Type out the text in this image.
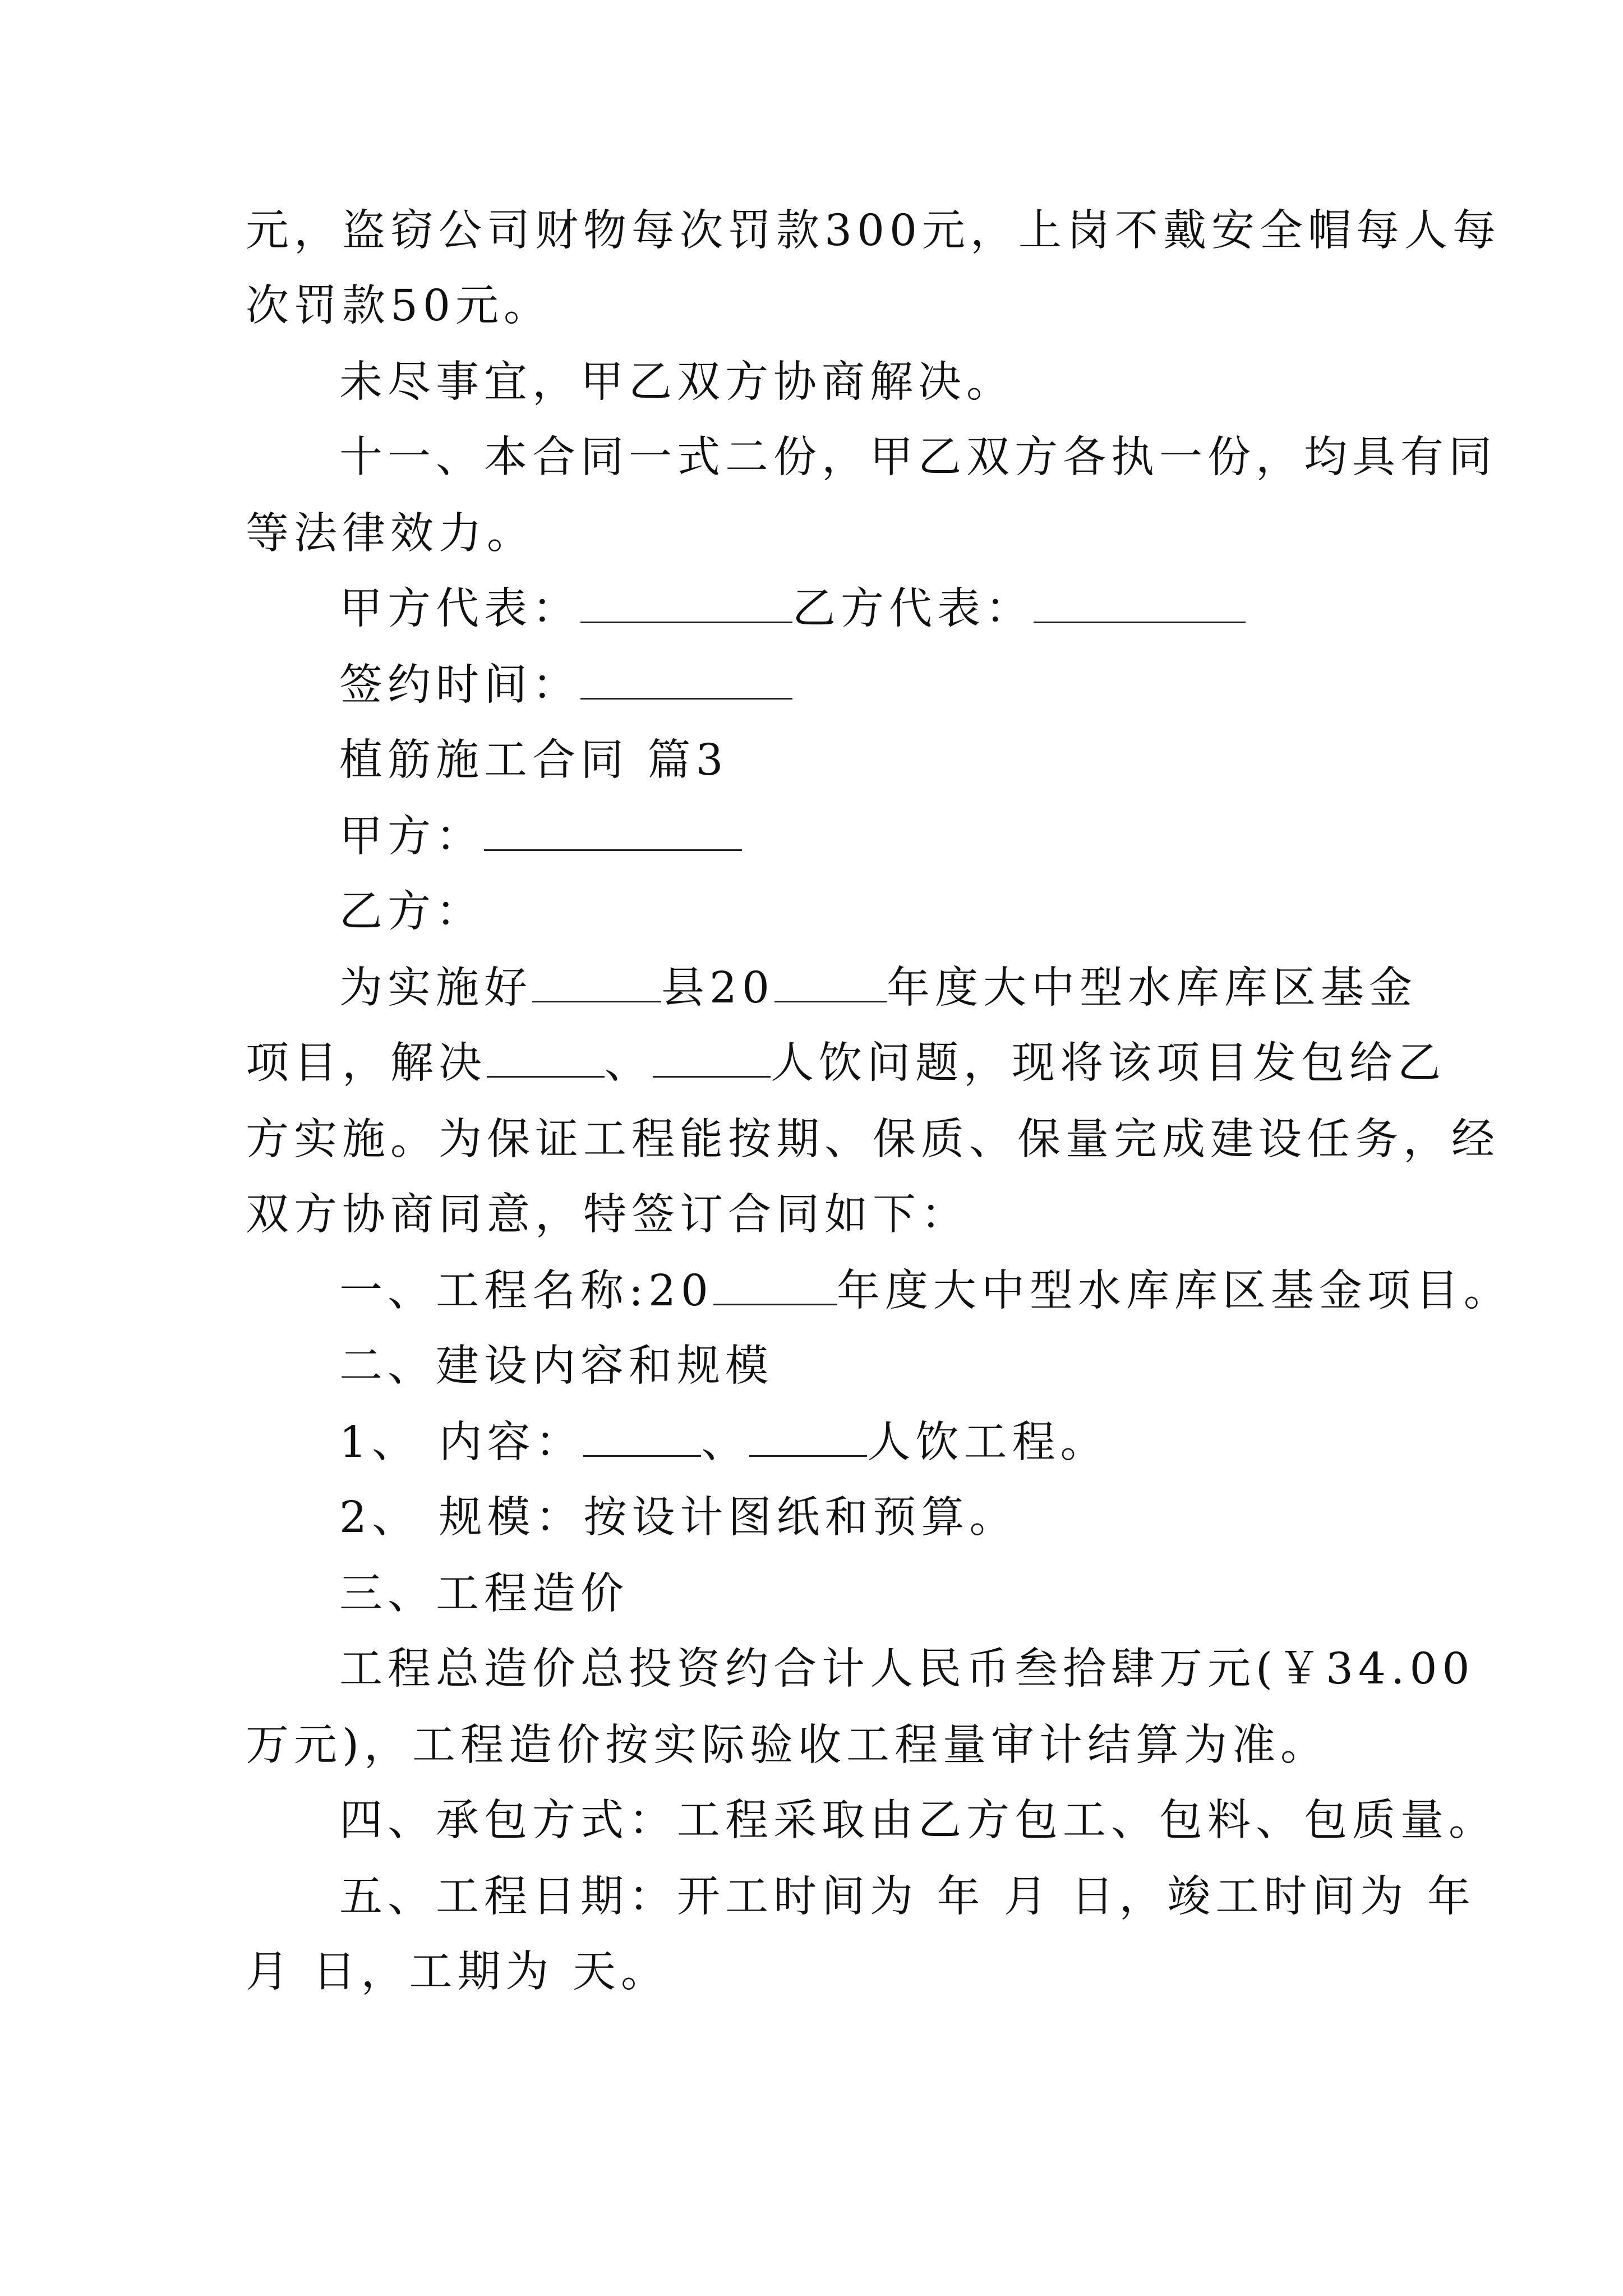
元，盗窃公司财物每次罚款300元，上岗不戴安全帽每人每
次罚款50元。
未尽事宜，甲乙双方协商解决。
十一、本合同一式二份，甲乙双方各执一份，均具有同
等法律效力。
甲方代表：	乙方代表：
签约时间：
植筋施工合同 篇3
甲方：
乙方：
为实施好	县20	年度大中型水库库区基金
项目，解决	、	人饮问题，现将该项目发包给乙
方实施。为保证工程能按期、保质、保量完成建设任务，经
双方协商同意，特签订合同如下：
一、工程名称:20	年度大中型水库库区基金项目。
二、建设内容和规模
1、 内容：	、	人饮工程。
2、 规模：按设计图纸和预算。
三、工程造价
工程总造价总投资约合计人民币叁拾肆万元(￥34.00
万元)，工程造价按实际验收工程量审计结算为准。
四、承包方式：工程采取由乙方包工、包料、包质量。
五、工程日期：开工时间为 年 月 日，竣工时间为 年
月 日，工期为 天。
